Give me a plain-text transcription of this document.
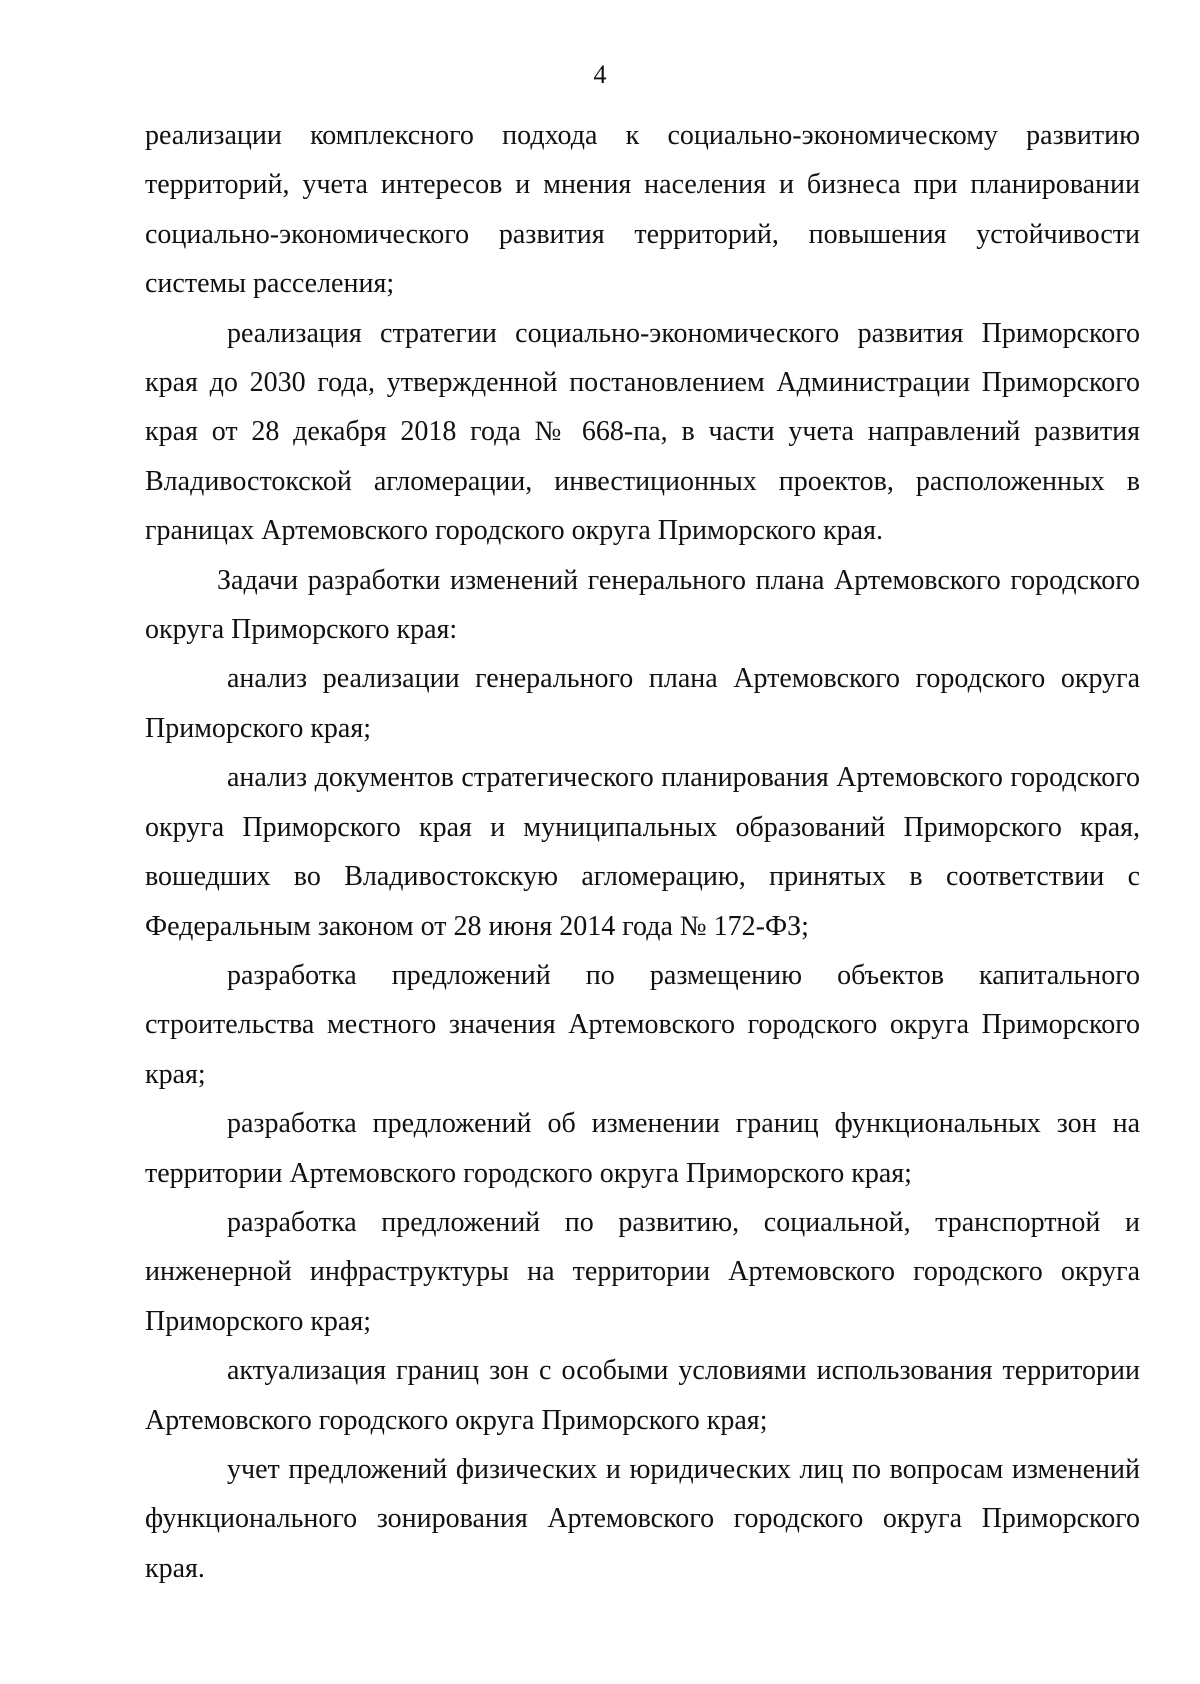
4

реализации комплексного подхода к социально-экономическому развитию территорий, учета интересов и мнения населения и бизнеса при планировании социально-экономического развития территорий, повышения устойчивости системы расселения;

реализация стратегии социально-экономического развития Приморского края до 2030 года, утвержденной постановлением Администрации Приморского края от 28 декабря 2018 года № 668-па, в части учета направлений развития Владивостокской агломерации, инвестиционных проектов, расположенных в границах Артемовского городского округа Приморского края.

Задачи разработки изменений генерального плана Артемовского городского округа Приморского края:

анализ реализации генерального плана Артемовского городского округа Приморского края;

анализ документов стратегического планирования Артемовского городского округа Приморского края и муниципальных образований Приморского края, вошедших во Владивостокскую агломерацию, принятых в соответствии с Федеральным законом от 28 июня 2014 года № 172-ФЗ;

разработка предложений по размещению объектов капитального строительства местного значения Артемовского городского округа Приморского края;

разработка предложений об изменении границ функциональных зон на территории Артемовского городского округа Приморского края;

разработка предложений по развитию, социальной, транспортной и инженерной инфраструктуры на территории Артемовского городского округа Приморского края;

актуализация границ зон с особыми условиями использования территории Артемовского городского округа Приморского края;

учет предложений физических и юридических лиц по вопросам изменений функционального зонирования Артемовского городского округа Приморского края.
